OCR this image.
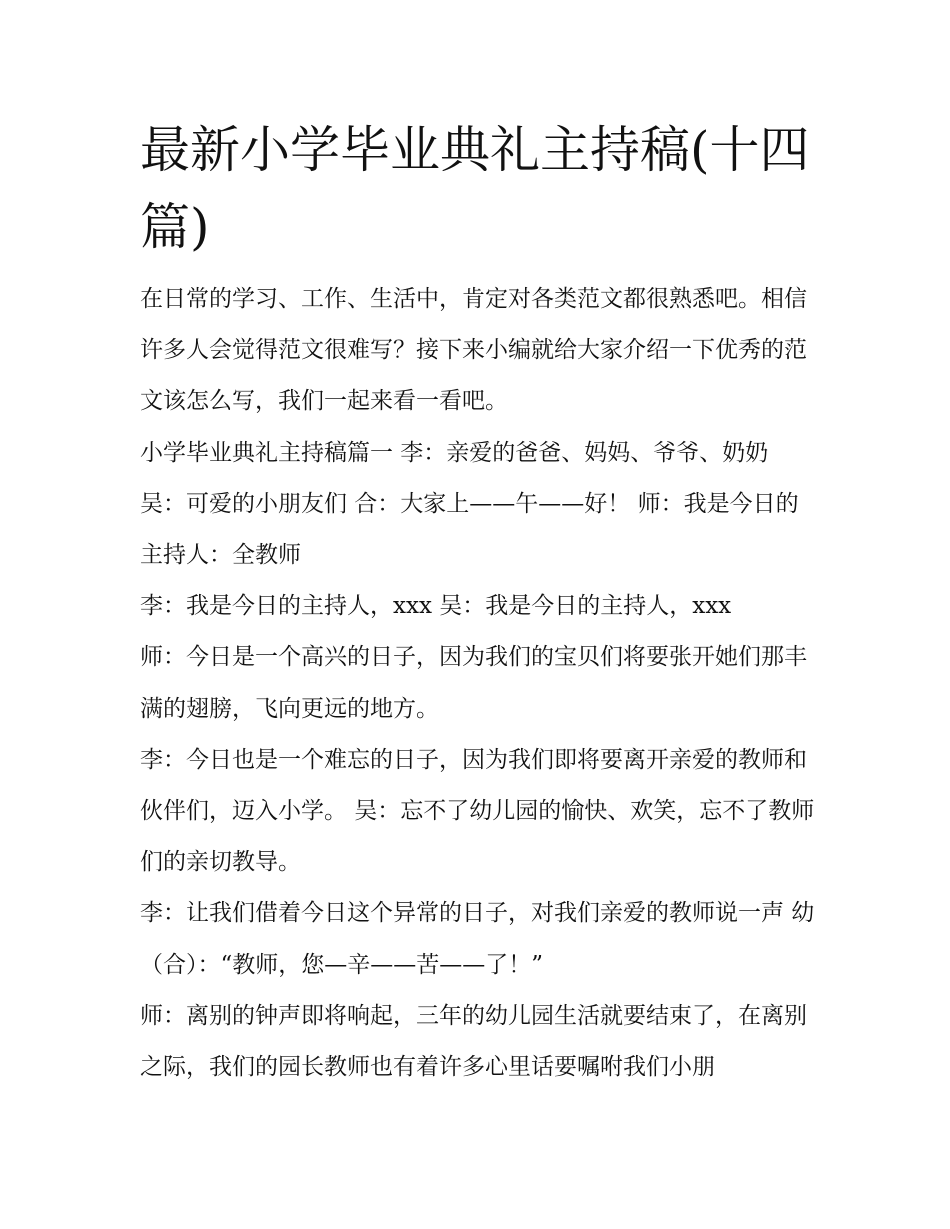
最新小学毕业典礼主持稿(十四篇)

在日常的学习、工作、生活中，肯定对各类范文都很熟悉吧。相信许多人会觉得范文很难写？接下来小编就给大家介绍一下优秀的范文该怎么写，我们一起来看一看吧。

小学毕业典礼主持稿篇一 李：亲爱的爸爸、妈妈、爷爷、奶奶 吴：可爱的小朋友们 合：大家上——午——好！ 师：我是今日的主持人：全教师

李：我是今日的主持人，xxx 吴：我是今日的主持人，xxx

师：今日是一个高兴的日子，因为我们的宝贝们将要张开她们那丰满的翅膀，飞向更远的地方。

李：今日也是一个难忘的日子，因为我们即将要离开亲爱的教师和伙伴们，迈入小学。 吴：忘不了幼儿园的愉快、欢笑，忘不了教师们的亲切教导。

李：让我们借着今日这个异常的日子，对我们亲爱的教师说一声 幼（合）：“教师，您—辛——苦——了！”

师：离别的钟声即将响起，三年的幼儿园生活就要结束了，在离别之际，我们的园长教师也有着许多心里话要嘱咐我们小朋
